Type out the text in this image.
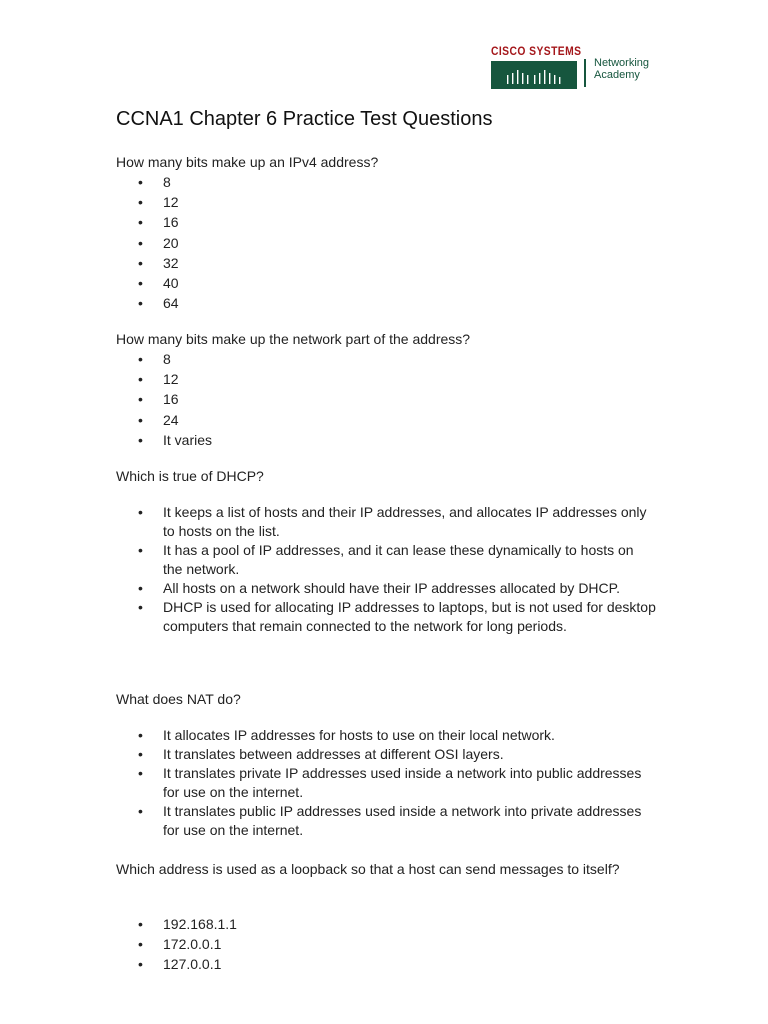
CISCO SYSTEMS
Networking
Academy
CCNA1 Chapter 6 Practice Test Questions

How many bits make up an IPv4 address?

• 8
• 12
• 16
• 20
• 32
• 40
• 64

How many bits make up the network part of the address?

• 8
• 12
• 16
• 24
• It varies

Which is true of DHCP?

• It keeps a list of hosts and their IP addresses, and allocates IP addresses only to hosts on the list.
• It has a pool of IP addresses, and it can lease these dynamically to hosts on the network.
• All hosts on a network should have their IP addresses allocated by DHCP.
• DHCP is used for allocating IP addresses to laptops, but is not used for desktop computers that remain connected to the network for long periods.

What does NAT do?

• It allocates IP addresses for hosts to use on their local network.
• It translates between addresses at different OSI layers.
• It translates private IP addresses used inside a network into public addresses for use on the internet.
• It translates public IP addresses used inside a network into private addresses for use on the internet.

Which address is used as a loopback so that a host can send messages to itself?

• 192.168.1.1
• 172.0.0.1
• 127.0.0.1
